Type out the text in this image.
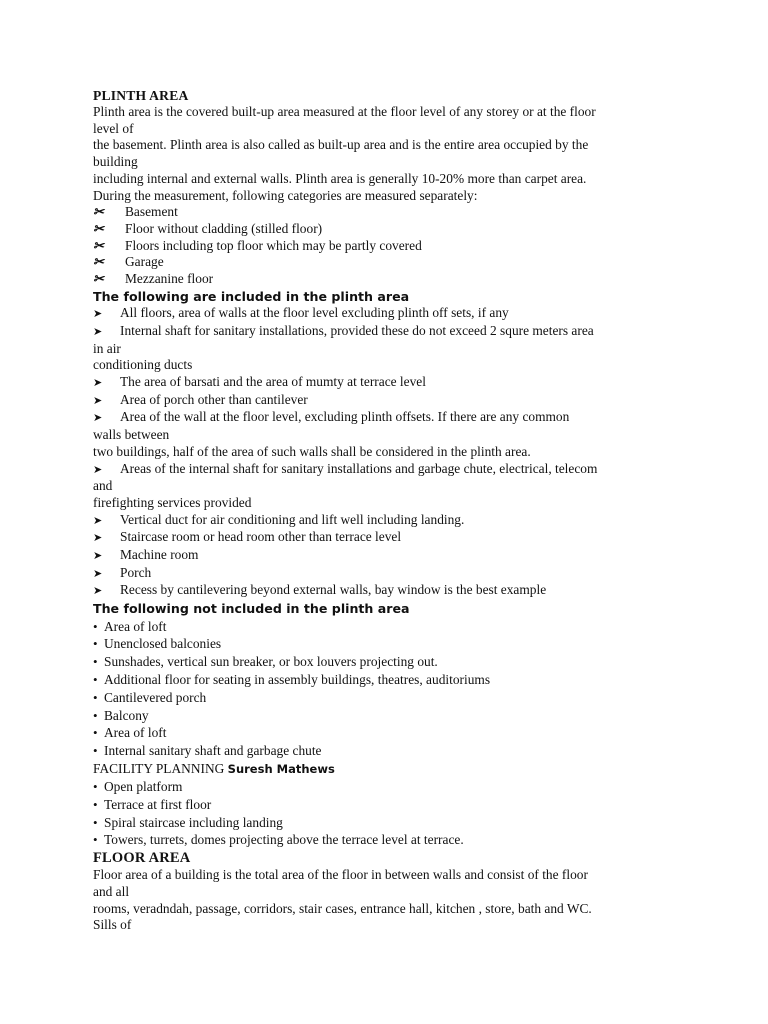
PLINTH AREA

Plinth area is the covered built-up area measured at the floor level of any storey or at the floor
level of
the basement. Plinth area is also called as built-up area and is the entire area occupied by the
building
including internal and external walls. Plinth area is generally 10-20% more than carpet area.
During the measurement, following categories are measured separately:
✂ Basement
✂ Floor without cladding (stilled floor)
✂ Floors including top floor which may be partly covered
✂ Garage
✂ Mezzanine floor

The following are included in the plinth area

➤ All floors, area of walls at the floor level excluding plinth off sets, if any
➤ Internal shaft for sanitary installations, provided these do not exceed 2 squre meters area
in air
conditioning ducts
➤ The area of barsati and the area of mumty at terrace level
➤ Area of porch other than cantilever
➤ Area of the wall at the floor level, excluding plinth offsets. If there are any common
walls between
two buildings, half of the area of such walls shall be considered in the plinth area.
➤ Areas of the internal shaft for sanitary installations and garbage chute, electrical, telecom
and
firefighting services provided
➤ Vertical duct for air conditioning and lift well including landing.
➤ Staircase room or head room other than terrace level
➤ Machine room
➤ Porch
➤ Recess by cantilevering beyond external walls, bay window is the best example

The following not included in the plinth area

• Area of loft
• Unenclosed balconies
• Sunshades, vertical sun breaker, or box louvers projecting out.
• Additional floor for seating in assembly buildings, theatres, auditoriums
• Cantilevered porch
• Balcony
• Area of loft
• Internal sanitary shaft and garbage chute
FACILITY PLANNING Suresh Mathews
• Open platform
• Terrace at first floor
• Spiral staircase including landing
• Towers, turrets, domes projecting above the terrace level at terrace.

FLOOR AREA

Floor area of a building is the total area of the floor in between walls and consist of the floor
and all
rooms, veradndah, passage, corridors, stair cases, entrance hall, kitchen , store, bath and WC.
Sills of
